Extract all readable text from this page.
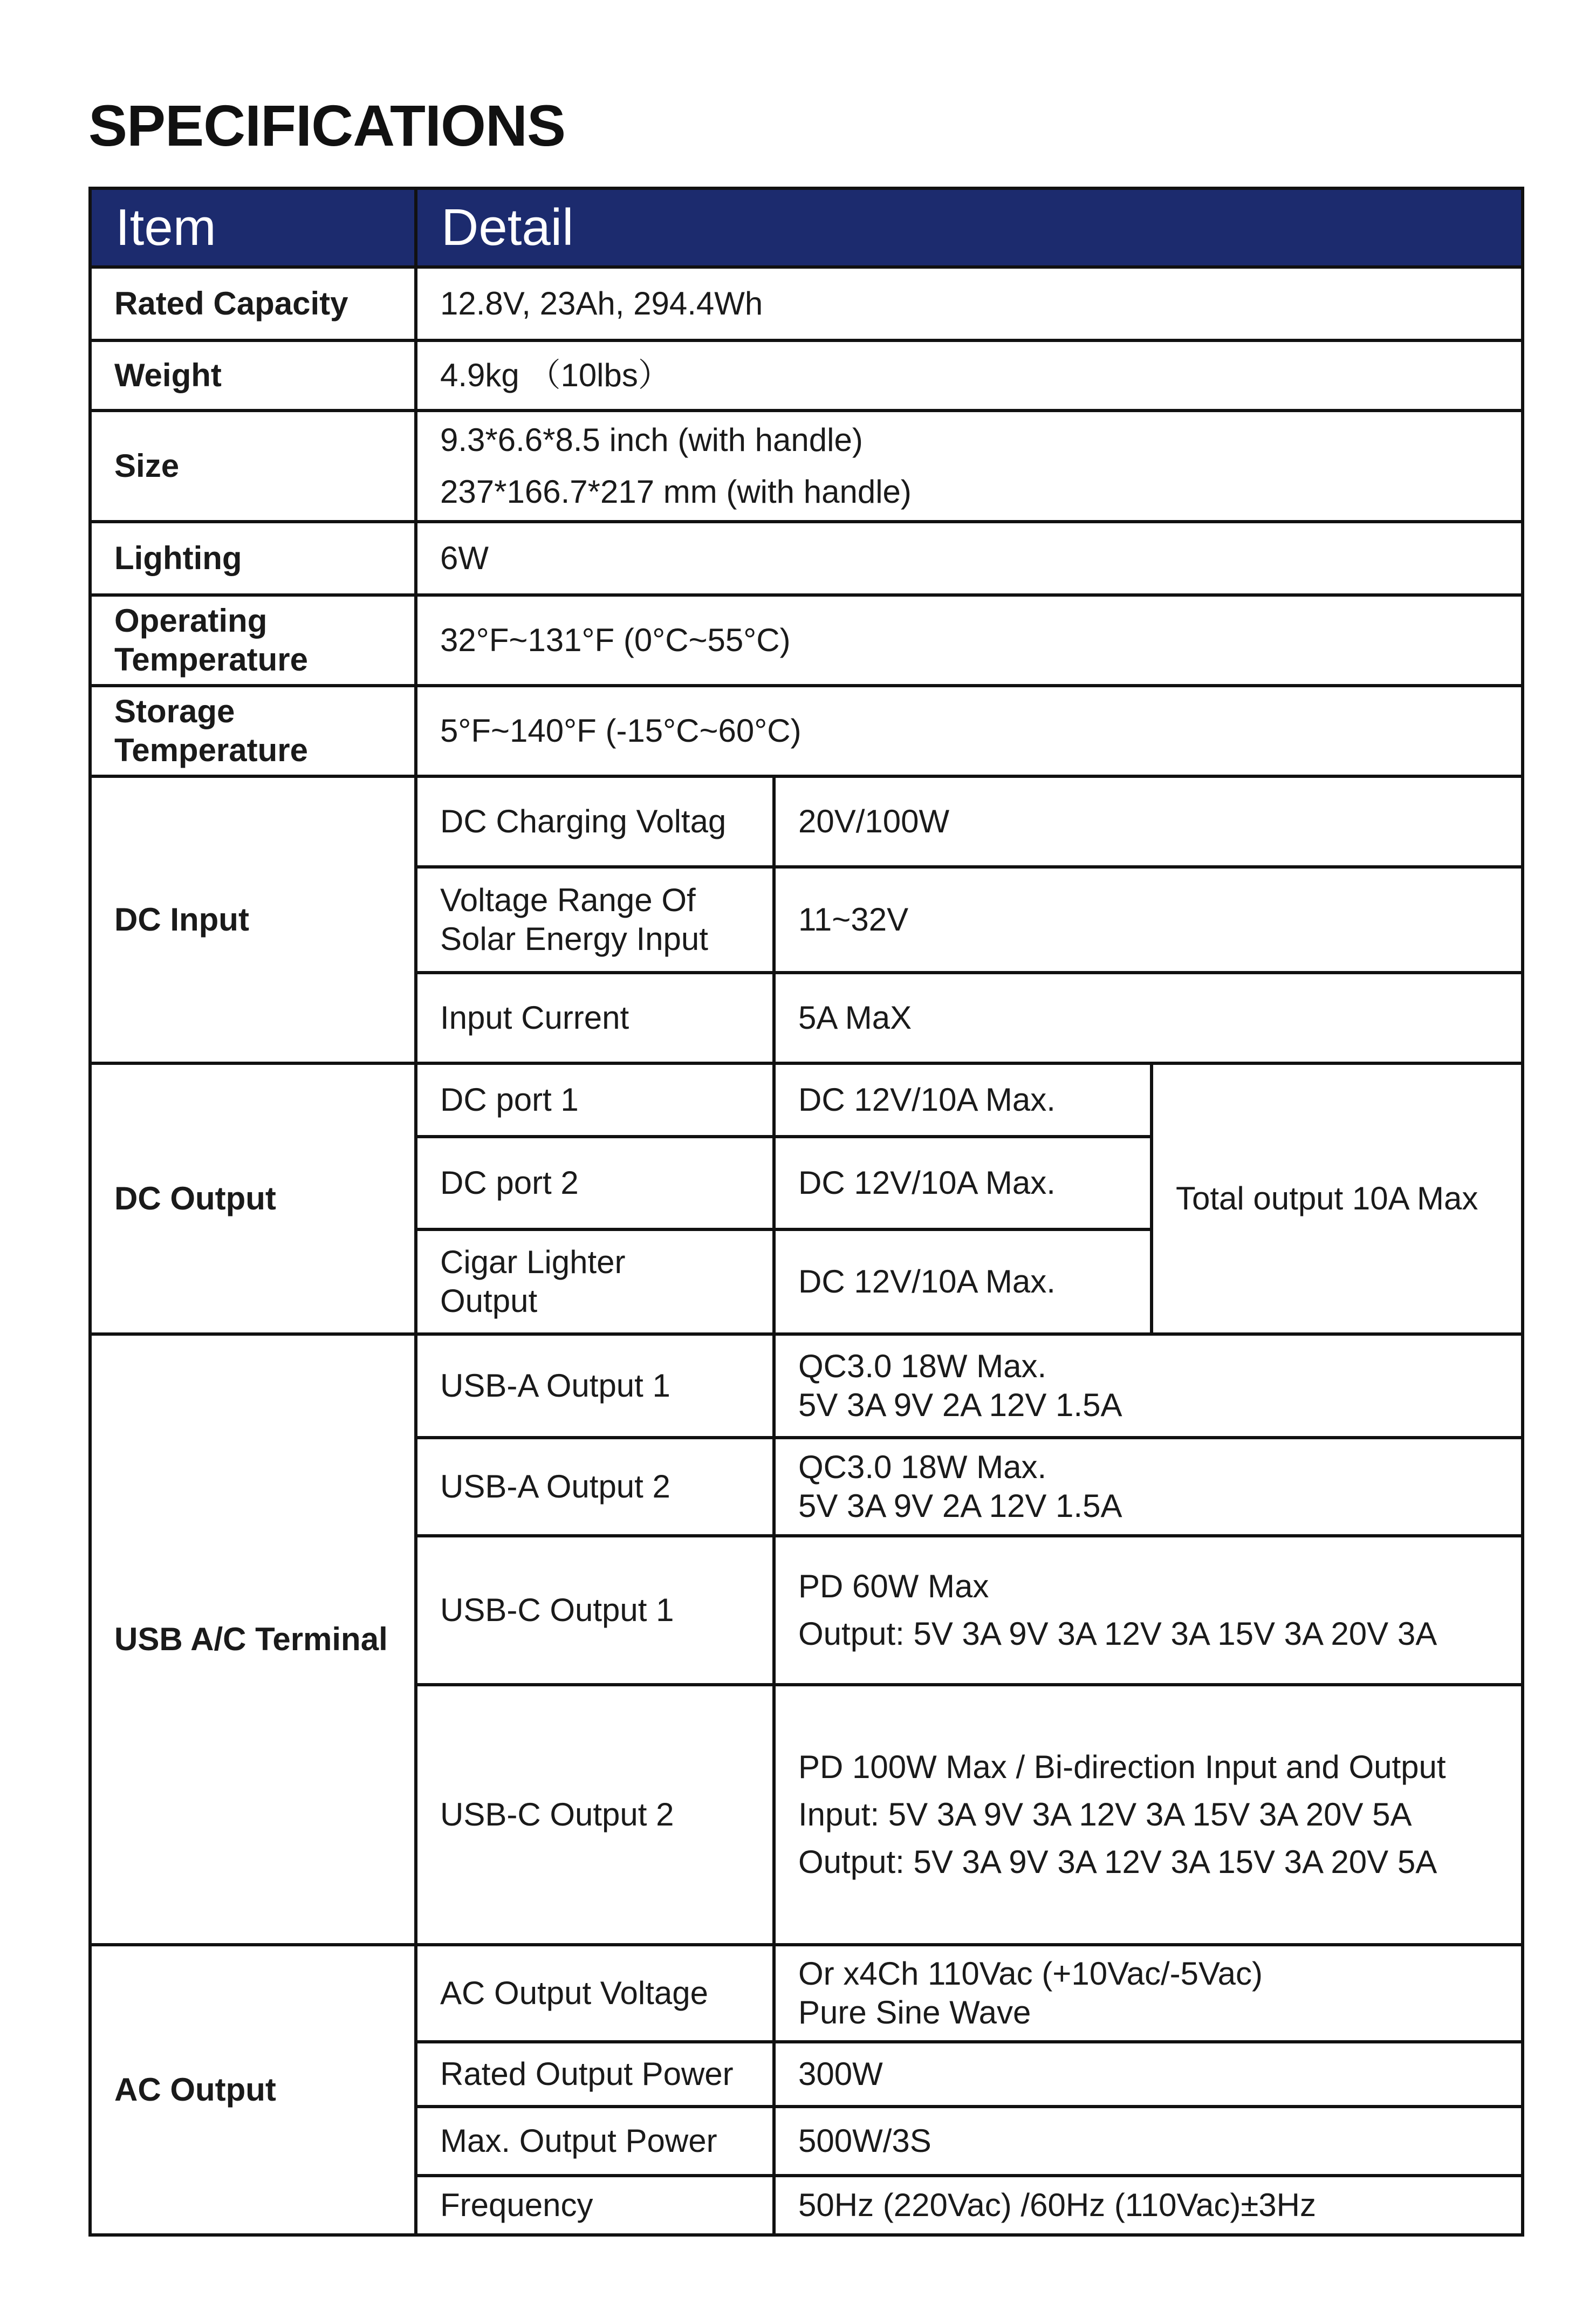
SPECIFICATIONS
Item	Detail		
Rated Capacity	12.8V, 23Ah, 294.4Wh		
Weight	4.9kg （10lbs）		
Size	9.3*6.6*8.5 inch (with handle)
237*166.7*217 mm (with handle)		

Lighting	6W		

Operating
Temperature	32°F~131°F (0°C~55°C)		

Storage
Temperature	5°F~140°F (-15°C~60°C)		
DC Input	DC Charging Voltag	20V/100W	

	Voltage Range Of
Solar Energy Input	11~32V	
	Input Current	5A MaX	
DC Output	DC port 1	DC 12V/10A Max.	Total output 10A Max
	DC port 2	DC 12V/10A Max.	

	Cigar Lighter
Output	DC 12V/10A Max.	
USB A/C Terminal	USB-A Output 1	QC3.0 18W Max.
5V 3A 9V 2A 12V 1.5A	

	USB-A Output 2	QC3.0 18W Max.
5V 3A 9V 2A 12V 1.5A	

	USB-C Output 1	PD 60W Max
Output: 5V 3A 9V 3A 12V 3A 15V 3A 20V 3A	

	USB-C Output 2	PD 100W Max / Bi-direction Input and Output
Input: 5V 3A 9V 3A 12V 3A 15V 3A 20V 5A
Output: 5V 3A 9V 3A 12V 3A 15V 3A 20V 5A	

AC Output	AC Output Voltage	Or x4Ch 110Vac (+10Vac/-5Vac)
Pure Sine Wave	

	Rated Output Power	300W	
	Max. Output Power	500W/3S	
	Frequency	50Hz (220Vac) /60Hz (110Vac)±3Hz	
